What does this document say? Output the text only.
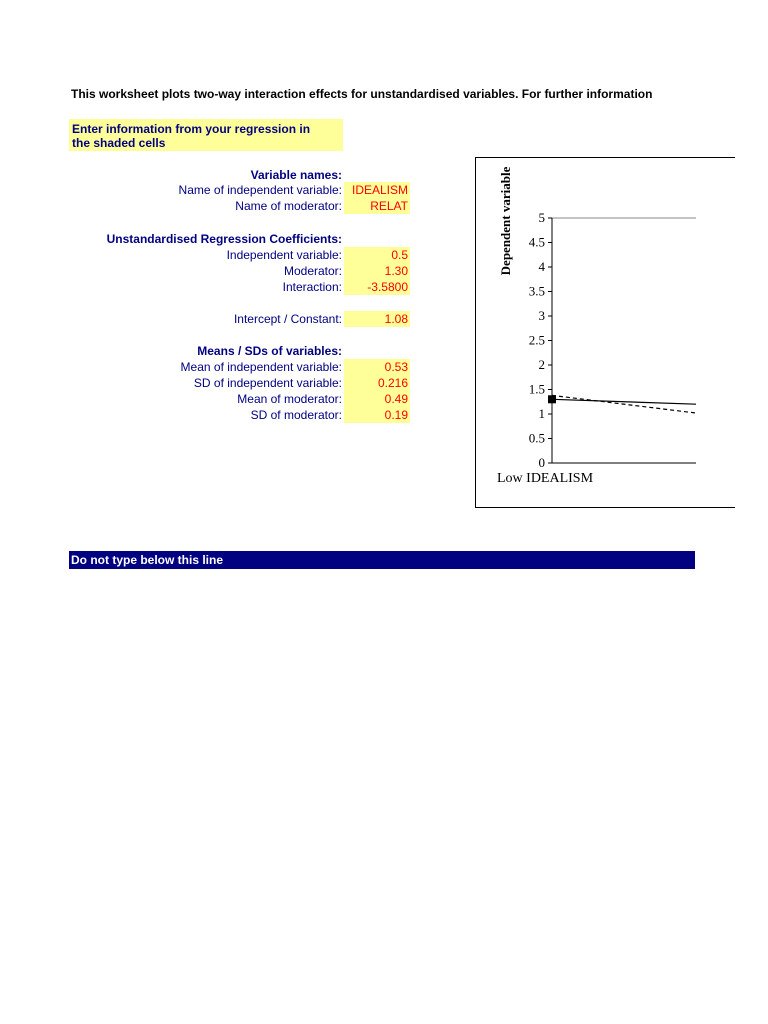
This worksheet plots two-way interaction effects for unstandardised variables. For further information
Enter information from your regression in
the shaded cells
Variable names:
Name of independent variable: IDEALISM
Name of moderator:	RELAT
Unstandardised Regression Coefficients:
Independent variable:	0.5
Moderator:	1.30
Interaction:	-3.5800
Intercept / Constant:	1.08
Means / SDs of variables:
Mean of independent variable:	0.53
SD of independent variable:	0.216
Mean of moderator:	0.49
SD of moderator:	0.19
0
0.5
1
1.5
2
2.5
3
3.5
4
4.5
5
Dependent variable
Low IDEALISM
Do not type below this line
